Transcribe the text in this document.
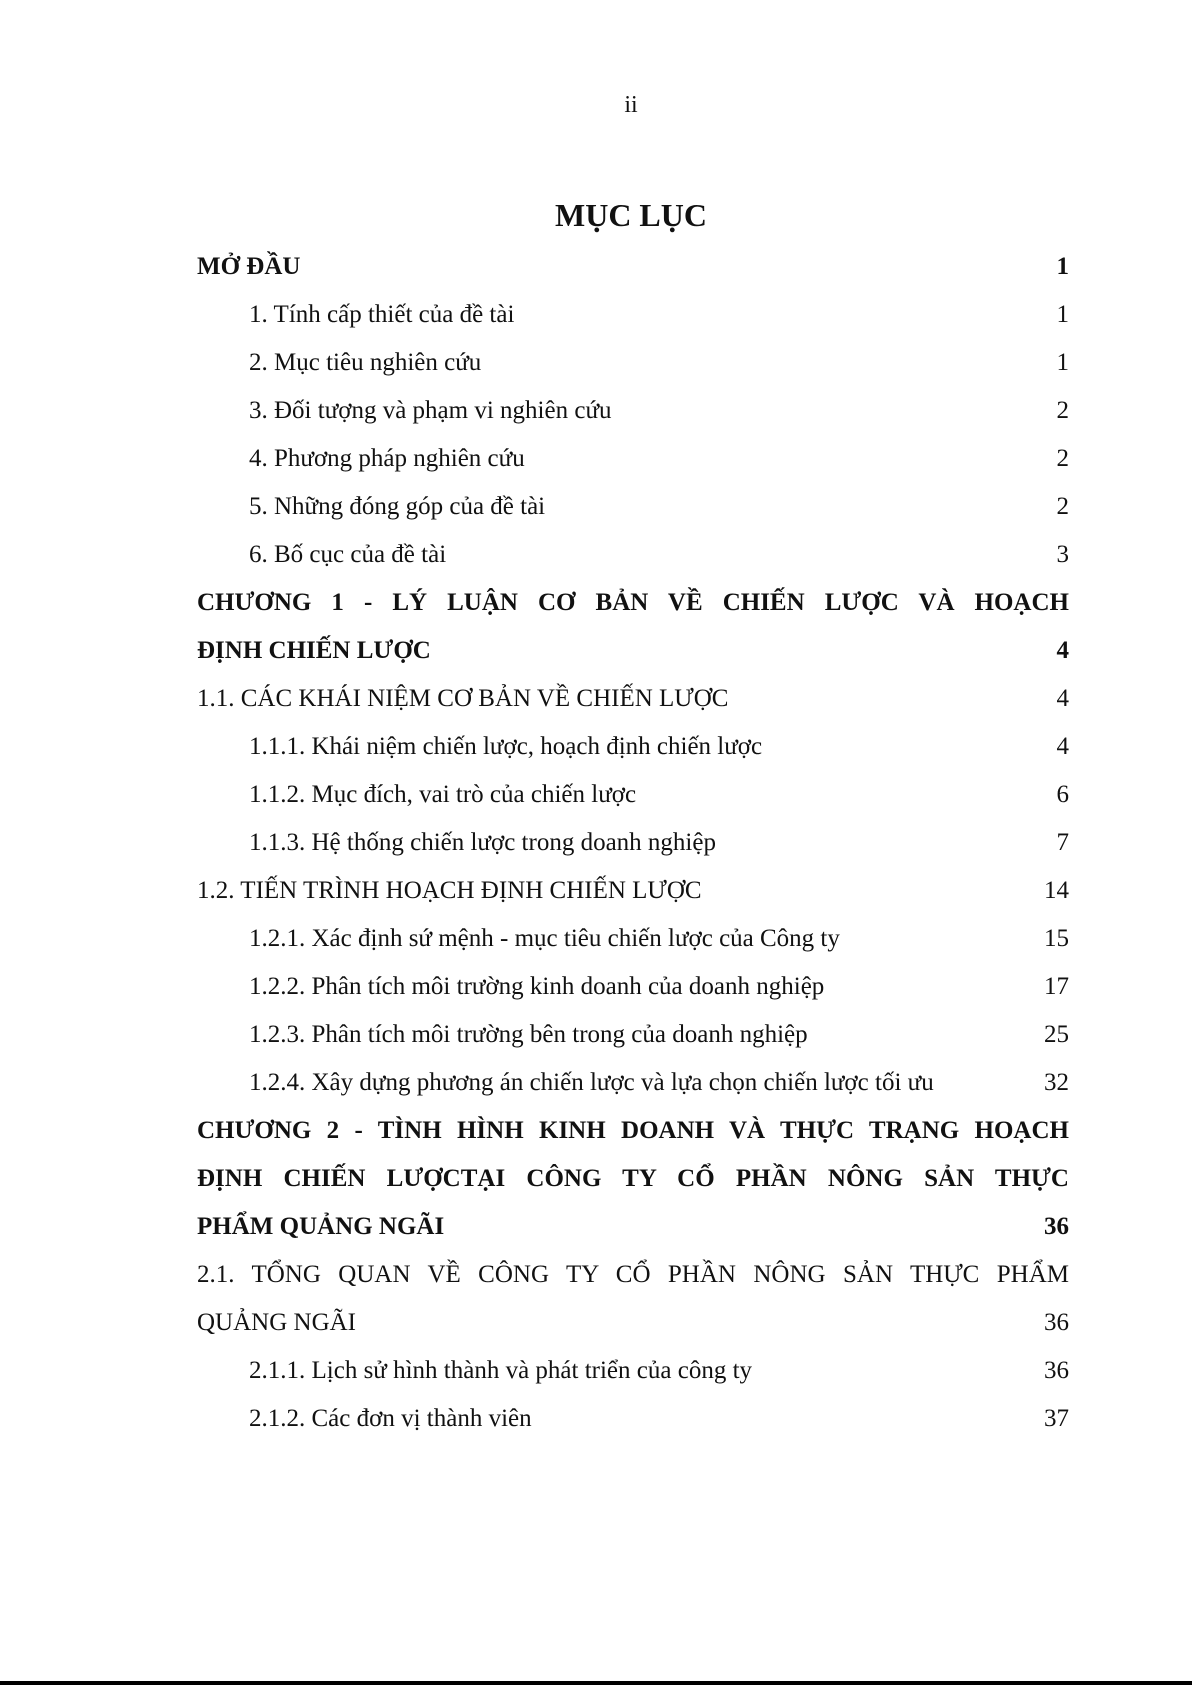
ii
MỤC LỤC
MỞ ĐẦU	1
1. Tính cấp thiết của đề tài	1
2. Mục tiêu nghiên cứu	1
3. Đối tượng và phạm vi nghiên cứu	2
4. Phương pháp nghiên cứu	2
5. Những đóng góp của đề tài	2
6. Bố cục của đề tài	3
CHƯƠNG 1 - LÝ LUẬN CƠ BẢN VỀ CHIẾN LƯỢC VÀ HOẠCH
ĐỊNH CHIẾN LƯỢC	4
1.1. CÁC KHÁI NIỆM CƠ BẢN VỀ CHIẾN LƯỢC	4
1.1.1. Khái niệm chiến lược, hoạch định chiến lược	4
1.1.2. Mục đích, vai trò của chiến lược	6
1.1.3. Hệ thống chiến lược trong doanh nghiệp	7
1.2. TIẾN TRÌNH HOẠCH ĐỊNH CHIẾN LƯỢC	14
1.2.1. Xác định sứ mệnh - mục tiêu chiến lược của Công ty	15
1.2.2. Phân tích môi trường kinh doanh của doanh nghiệp	17
1.2.3. Phân tích môi trường bên trong của doanh nghiệp	25
1.2.4. Xây dựng phương án chiến lược và lựa chọn chiến lược tối ưu	32
CHƯƠNG 2 - TÌNH HÌNH KINH DOANH VÀ THỰC TRẠNG HOẠCH
ĐỊNH CHIẾN LƯỢCTẠI CÔNG TY CỔ PHẦN NÔNG SẢN THỰC
PHẨM QUẢNG NGÃI	36
2.1. TỔNG QUAN VỀ CÔNG TY CỔ PHẦN NÔNG SẢN THỰC PHẨM
QUẢNG NGÃI	36
2.1.1. Lịch sử hình thành và phát triển của công ty	36
2.1.2. Các đơn vị thành viên	37
